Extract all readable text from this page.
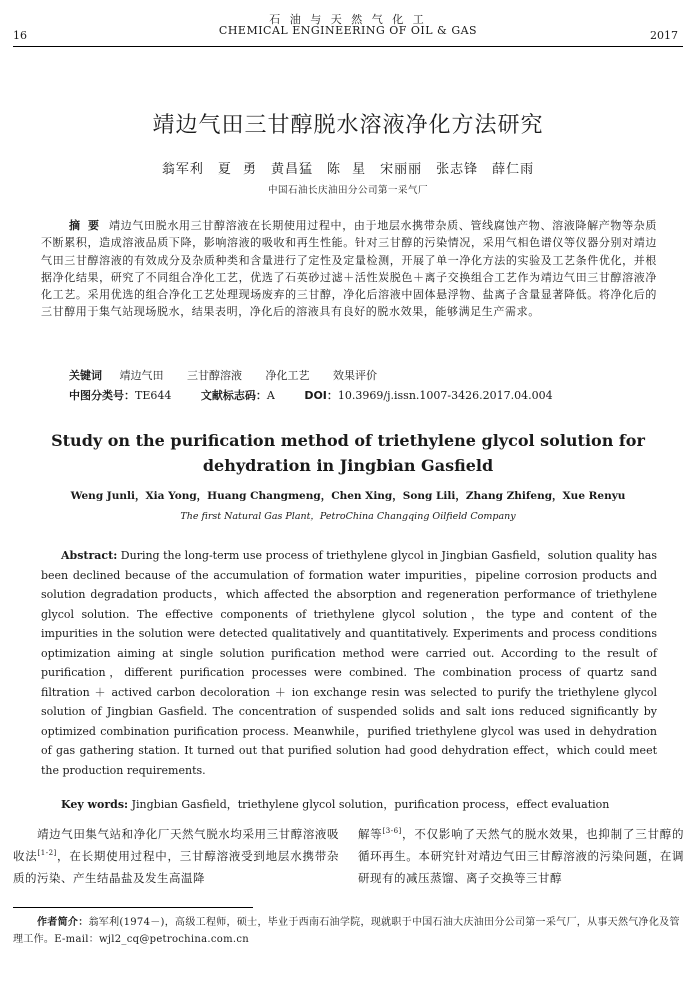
石 油 与 天 然 气 化 工
CHEMICAL ENGINEERING OF OIL & GAS
16	2017
靖边气田三甘醇脱水溶液净化方法研究
翁军利　夏 勇　黄昌猛　陈 星　宋丽丽　张志锋　薛仁雨
中国石油长庆油田分公司第一采气厂
摘 要 靖边气田脱水用三甘醇溶液在长期使用过程中，由于地层水携带杂质、管线腐蚀产物、溶液降解产物等杂质不断累积，造成溶液品质下降，影响溶液的吸收和再生性能。针对三甘醇的污染情况，采用气相色谱仪等仪器分别对靖边气田三甘醇溶液的有效成分及杂质种类和含量进行了定性及定量检测，开展了单一净化方法的实验及工艺条件优化，并根据净化结果，研究了不同组合净化工艺，优选了石英砂过滤＋活性炭脱色＋离子交换组合工艺作为靖边气田三甘醇溶液净化工艺。采用优选的组合净化工艺处理现场废弃的三甘醇，净化后溶液中固体悬浮物、盐离子含量显著降低。将净化后的三甘醇用于集气站现场脱水，结果表明，净化后的溶液具有良好的脱水效果，能够满足生产需求。
关键词 靖边气田 三甘醇溶液 净化工艺 效果评价
中图分类号：TE644	文献标志码：A	DOI：10.3969/j.issn.1007-3426.2017.04.004
Study on the purification method of triethylene glycol solution for dehydration in Jingbian Gasfield
Weng Junli，Xia Yong，Huang Changmeng，Chen Xing，Song Lili，Zhang Zhifeng，Xue Renyu
The first Natural Gas Plant，PetroChina Changqing Oilfield Company
Abstract: During the long-term use process of triethylene glycol in Jingbian Gasfield，solution quality has been declined because of the accumulation of formation water impurities，pipeline corrosion products and solution degradation products，which affected the absorption and regeneration performance of triethylene glycol solution. The effective components of triethylene glycol solution，the type and content of the impurities in the solution were detected qualitatively and quantitatively. Experiments and process conditions optimization aiming at single solution purification method were carried out. According to the result of purification，different purification processes were combined. The combination process of quartz sand filtration ＋ actived carbon decoloration ＋ ion exchange resin was selected to purify the triethylene glycol solution of Jingbian Gasfield. The concentration of suspended solids and salt ions reduced significantly by optimized combination purification process. Meanwhile，purified triethylene glycol was used in dehydration of gas gathering station. It turned out that purified solution had good dehydration effect，which could meet the production requirements.
Key words: Jingbian Gasfield，triethylene glycol solution，purification process，effect evaluation
靖边气田集气站和净化厂天然气脱水均采用三甘醇溶液吸收法[1-2]，在长期使用过程中，三甘醇溶液受到地层水携带杂质的污染、产生结晶盐及发生高温降
解等[3-6]，不仅影响了天然气的脱水效果，也抑制了三甘醇的循环再生。本研究针对靖边气田三甘醇溶液的污染问题，在调研现有的减压蒸馏、离子交换等三甘醇
作者简介：翁军利(1974－)，高级工程师，硕士，毕业于西南石油学院，现就职于中国石油大庆油田分公司第一采气厂，从事天然气净化及管理工作。E-mail：wjl2_cq@petrochina.com.cn
